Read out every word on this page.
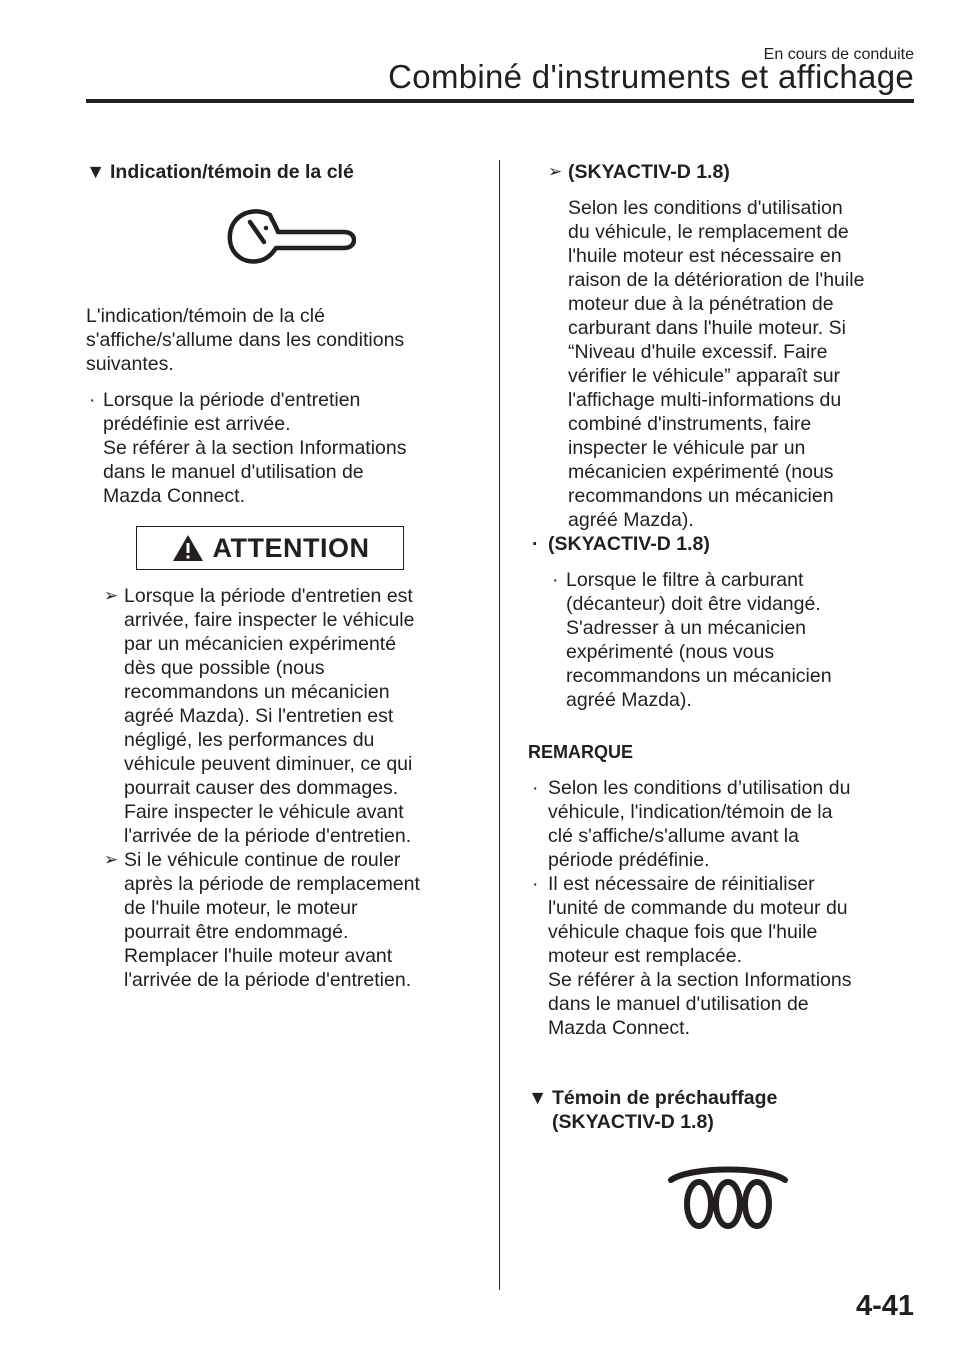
En cours de conduite
Combiné d'instruments et affichage
▼ Indication/témoin de la clé

L'indication/témoin de la clé

s'affiche/s'allume dans les conditions

suivantes.

· Lorsque la période d'entretien

prédéfinie est arrivée.

Se référer à la section Informations

dans le manuel d'utilisation de

Mazda Connect.

ATTENTION
➢ Lorsque la période d'entretien est

arrivée, faire inspecter le véhicule

par un mécanicien expérimenté

dès que possible (nous

recommandons un mécanicien

agréé Mazda). Si l'entretien est

négligé, les performances du

véhicule peuvent diminuer, ce qui

pourrait causer des dommages.

Faire inspecter le véhicule avant

l'arrivée de la période d'entretien.

➢ Si le véhicule continue de rouler

après la période de remplacement

de l'huile moteur, le moteur

pourrait être endommagé.

Remplacer l'huile moteur avant

l'arrivée de la période d'entretien.

➢ (SKYACTIV-D 1.8)

Selon les conditions d'utilisation

du véhicule, le remplacement de

l'huile moteur est nécessaire en

raison de la détérioration de l'huile

moteur due à la pénétration de

carburant dans l'huile moteur. Si

“Niveau d'huile excessif. Faire

vérifier le véhicule” apparaît sur

l'affichage multi-informations du

combiné d'instruments, faire

inspecter le véhicule par un

mécanicien expérimenté (nous

recommandons un mécanicien

agréé Mazda).

· (SKYACTIV-D 1.8)
· Lorsque le filtre à carburant

(décanteur) doit être vidangé.

S'adresser à un mécanicien

expérimenté (nous vous

recommandons un mécanicien

agréé Mazda).

REMARQUE
· Selon les conditions d’utilisation du

véhicule, l'indication/témoin de la

clé s'affiche/s'allume avant la

période prédéfinie.

· Il est nécessaire de réinitialiser

l'unité de commande du moteur du

véhicule chaque fois que l'huile

moteur est remplacée.

Se référer à la section Informations

dans le manuel d'utilisation de

Mazda Connect.

▼ Témoin de préchauffage

(SKYACTIV-D 1.8)

4-41
